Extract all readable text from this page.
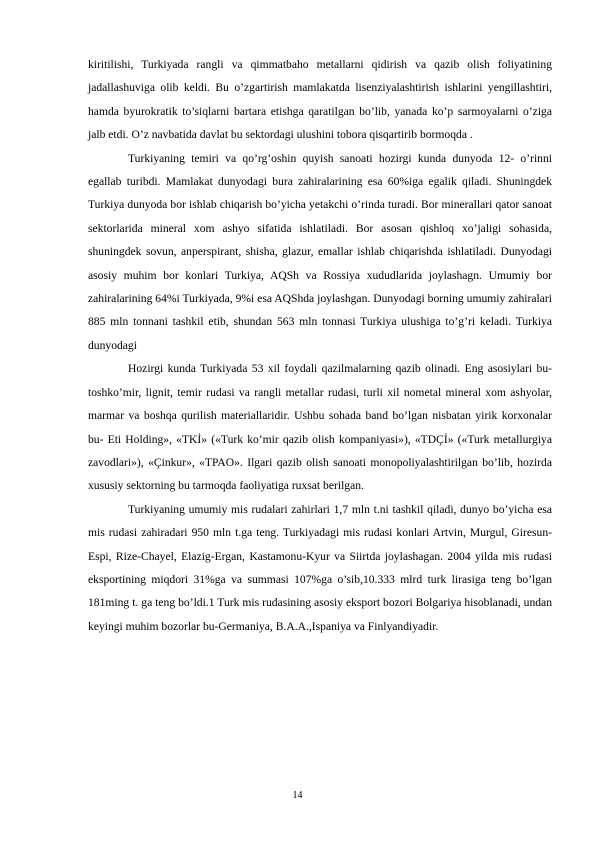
kiritilishi, Turkiyada rangli va qimmatbaho metallarni qidirish va qazib olish foliyatining jadallashuviga olib keldi. Bu o’zgartirish mamlakatda lisenziyalashtirish ishlarini yengillashtiri, hamda byurokratik to’siqlarni bartara etishga qaratilgan bo’lib, yanada ko’p sarmoyalarni o’ziga jalb etdi. O’z navbatida davlat bu sektordagi ulushini tobora qisqartirib bormoqda .

Turkiyaning temiri va qo’rg’oshin quyish sanoati hozirgi kunda dunyoda 12- o’rinni egallab turibdi. Mamlakat dunyodagi bura zahiralarining esa 60%iga egalik qiladi. Shuningdek Turkiya dunyoda bor ishlab chiqarish bo’yicha yetakchi o’rinda turadi. Bor minerallari qator sanoat sektorlarida mineral xom ashyo sifatida ishlatiladi. Bor asosan qishloq xo’jaligi sohasida, shuningdek sovun, anperspirant, shisha, glazur, emallar ishlab chiqarishda ishlatiladi. Dunyodagi asosiy muhim bor konlari Turkiya, AQSh va Rossiya xududlarida joylashagn. Umumiy bor zahiralarining 64%i Turkiyada, 9%i esa AQShda joylashgan. Dunyodagi borning umumiy zahiralari 885 mln tonnani tashkil etib, shundan 563 mln tonnasi Turkiya ulushiga to’g’ri keladi. Turkiya dunyodagi

Hozirgi kunda Turkiyada 53 xil foydali qazilmalarning qazib olinadi. Eng asosiylari bu-toshko’mir, lignit, temir rudasi va rangli metallar rudasi, turli xil nometal mineral xom ashyolar, marmar va boshqa qurilish materiallaridir. Ushbu sohada band bo’lgan nisbatan yirik korxonalar bu- Eti Holding», «TKİ» («Turk ko’mir qazib olish kompaniyasi»), «TDÇİ» («Turk metallurgiya zavodlari»), «Çinkur», «TPAO». Ilgari qazib olish sanoati monopoliyalashtirilgan bo’lib, hozirda xususiy sektorning bu tarmoqda faoliyatiga ruxsat berilgan.

Turkiyaning umumiy mis rudalari zahirlari 1,7 mln t.ni tashkil qiladi, dunyo bo’yicha esa mis rudasi zahiradari 950 mln t.ga teng. Turkiyadagi mis rudasi konlari Artvin, Murgul, Giresun-Espi, Rize-Chayel, Elazig-Ergan, Kastamonu-Kyur va Siirtda joylashagan. 2004 yilda mis rudasi eksportining miqdori 31%ga va summasi 107%ga o’sib,10.333 mlrd turk lirasiga teng bo’lgan 181ming t. ga teng bo’ldi.1 Turk mis rudasining asosiy eksport bozori Bolgariya hisoblanadi, undan keyingi muhim bozorlar bu-Germaniya, B.A.A.,Ispaniya va Finlyandiyadir.

14
